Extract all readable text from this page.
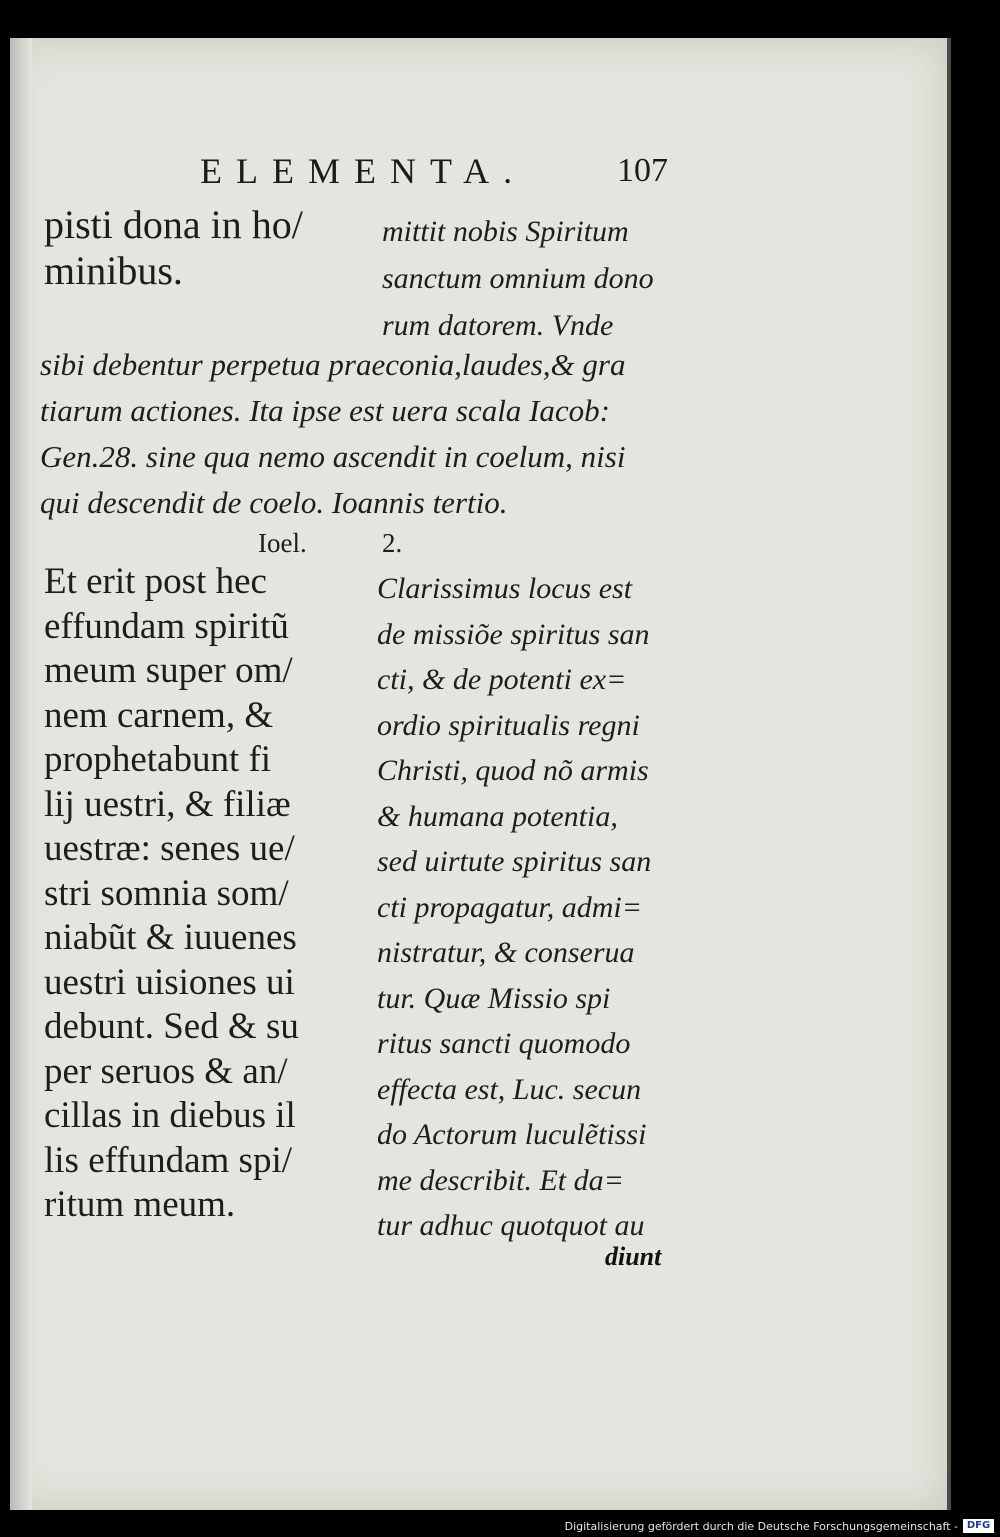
ELEMENTA.	107
pisti dona in ho/
minibus.
mittit nobis Spiritum
sanctum omnium dono
rum datorem. Vnde
sibi debentur perpetua praeconia,laudes,& gra
tiarum actiones. Ita ipse est uera scala Iacob:
Gen.28. sine qua nemo ascendit in coelum, nisi
qui descendit de coelo. Ioannis tertio.
Ioel.	2.
Et erit post hec
effundam spiritũ
meum super om/
nem carnem, &
prophetabunt fi
lij uestri, & filiæ
uestræ: senes ue/
stri somnia som/
niabũt & iuuenes
uestri uisiones ui
debunt. Sed & su
per seruos & an/
cillas in diebus il
lis effundam spi/
ritum meum.
Clarissimus locus est
de missiõe spiritus san
cti, & de potenti ex=
ordio spiritualis regni
Christi, quod nõ armis
& humana potentia,
sed uirtute spiritus san
cti propagatur, admi=
nistratur, & conserua
tur. Quæ Missio spi
ritus sancti quomodo
effecta est, Luc. secun
do Actorum luculẽtissi
me describit. Et da=
tur adhuc quotquot au
diunt
Digitalisierung gefördert durch die Deutsche Forschungsgemeinschaft - DFG
